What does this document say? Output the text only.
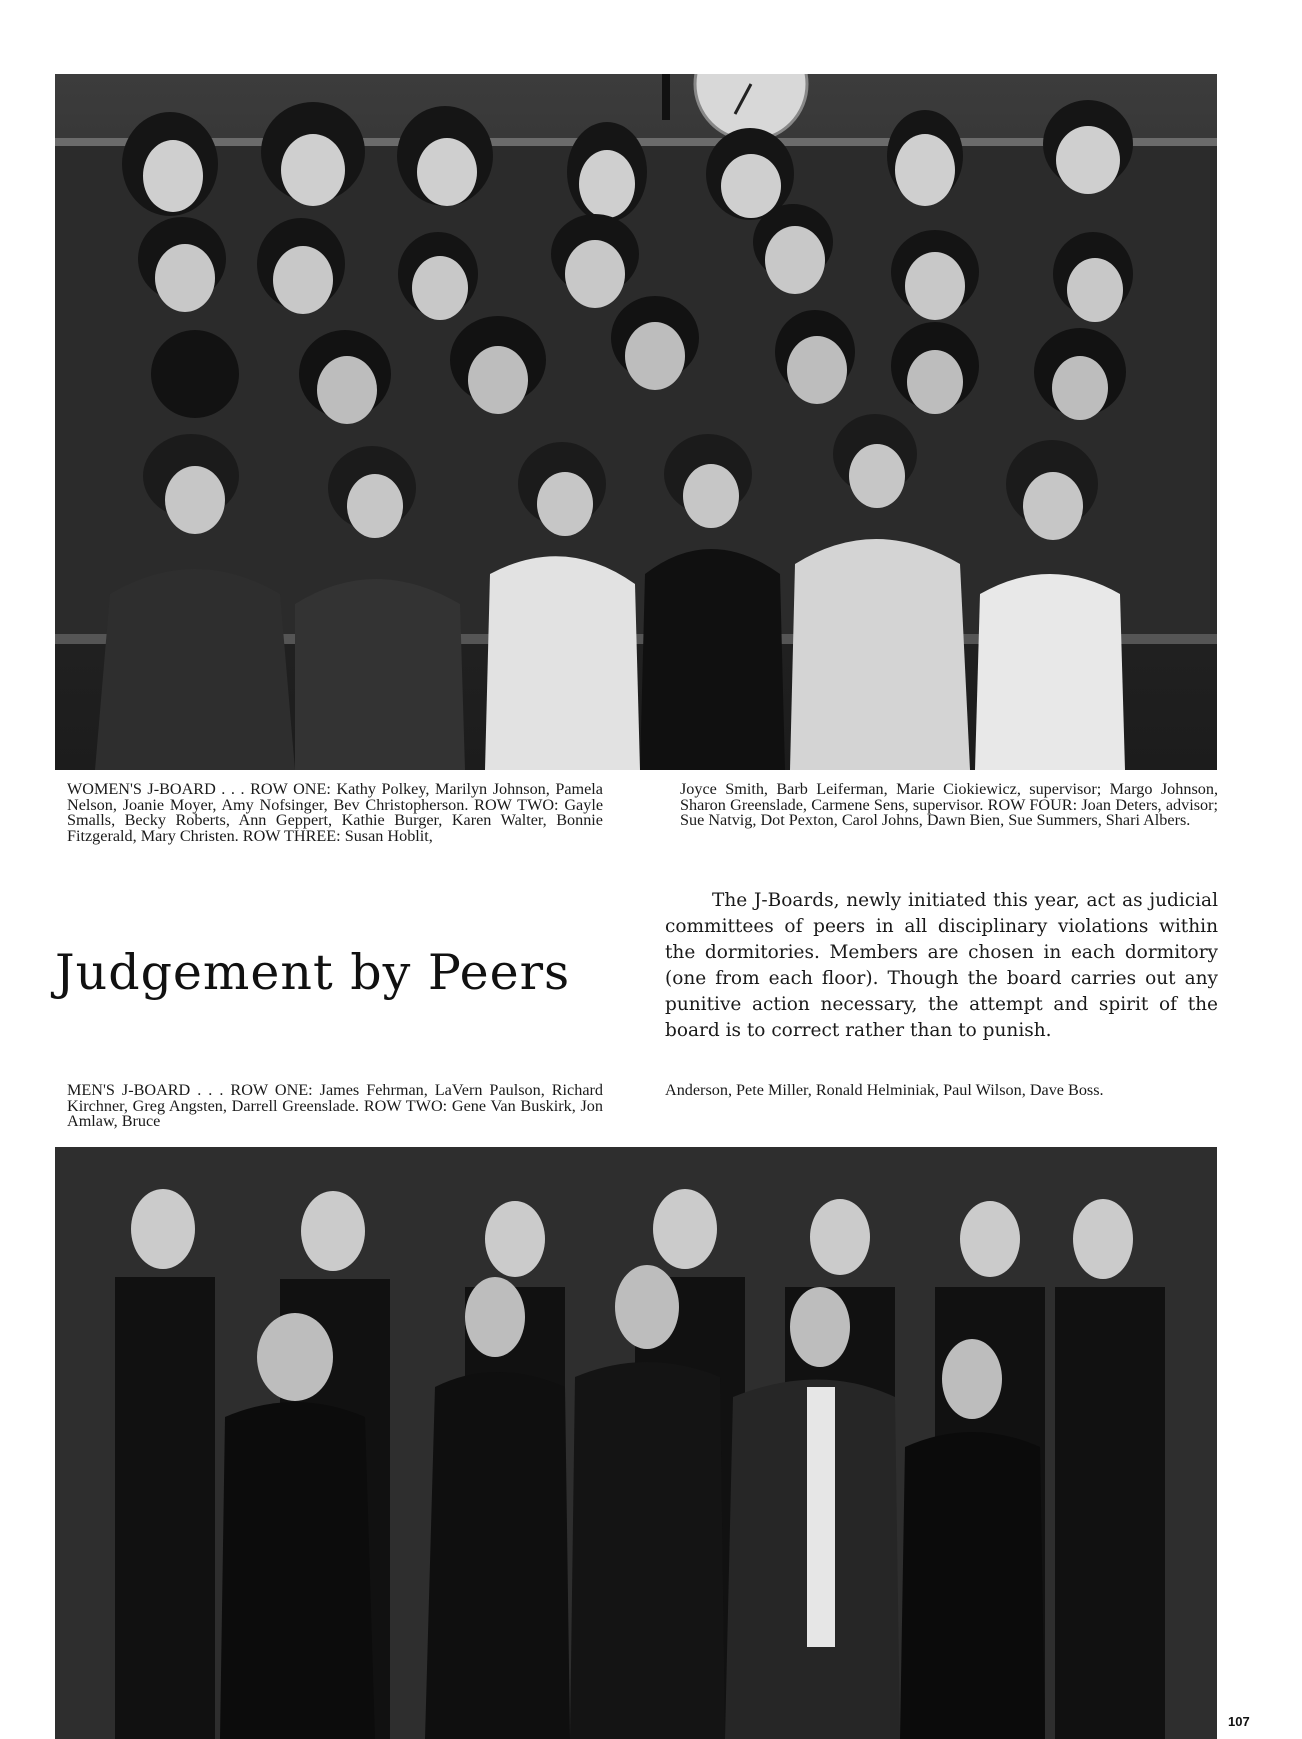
WOMEN'S J-BOARD . . . ROW ONE: Kathy Polkey, Marilyn Johnson, Pamela Nelson, Joanie Moyer, Amy Nofsinger, Bev Christopherson. ROW TWO: Gayle Smalls, Becky Roberts, Ann Geppert, Kathie Burger, Karen Walter, Bonnie Fitzgerald, Mary Christen. ROW THREE: Susan Hoblit,

Joyce Smith, Barb Leiferman, Marie Ciokiewicz, supervisor; Margo Johnson, Sharon Greenslade, Carmene Sens, supervisor. ROW FOUR: Joan Deters, advisor; Sue Natvig, Dot Pexton, Carol Johns, Dawn Bien, Sue Summers, Shari Albers.

Judgement by Peers

The J-Boards, newly initiated this year, act as judicial committees of peers in all disciplinary violations within the dormitories. Members are chosen in each dormitory (one from each floor). Though the board carries out any punitive action necessary, the attempt and spirit of the board is to correct rather than to punish.

MEN'S J-BOARD . . . ROW ONE: James Fehrman, LaVern Paulson, Richard Kirchner, Greg Angsten, Darrell Greenslade. ROW TWO: Gene Van Buskirk, Jon Amlaw, Bruce

Anderson, Pete Miller, Ronald Helminiak, Paul Wilson, Dave Boss.

107
